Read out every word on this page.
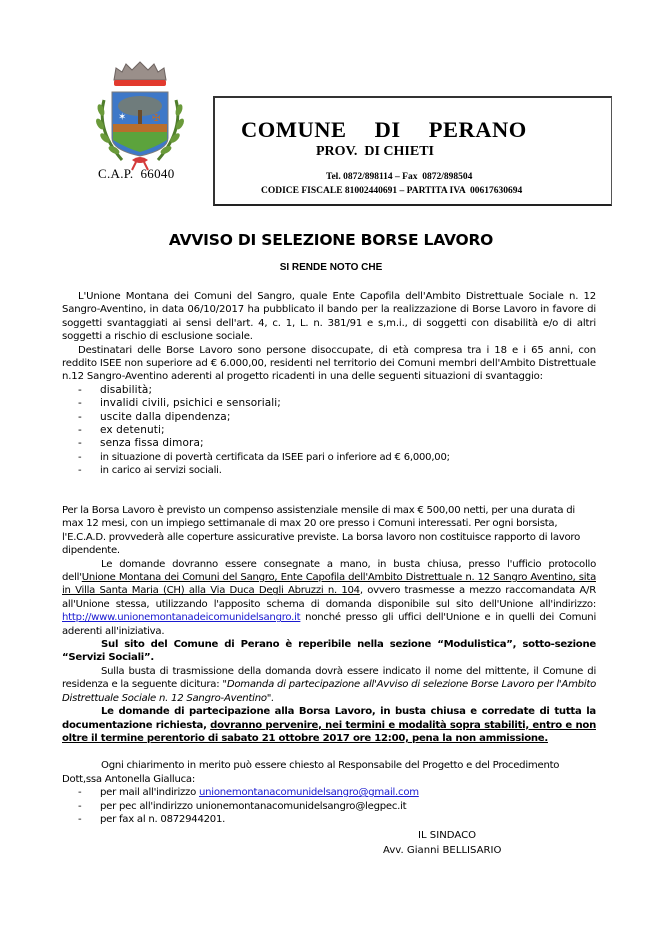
✶	✠
C.A.P.  66040
COMUNE DI PERANO
PROV.  DI CHIETI
Tel. 0872/898114 – Fax  0872/898504
CODICE FISCALE 81002440691 – PARTITA IVA  00617630694
AVVISO DI SELEZIONE BORSE LAVORO
SI RENDE NOTO CHE

L'Unione Montana dei Comuni del Sangro, quale Ente Capofila dell'Ambito Distrettuale Sociale n. 12 Sangro-Aventino, in data 06/10/2017 ha pubblicato il bando per la realizzazione di Borse Lavoro in favore di soggetti svantaggiati ai sensi dell'art. 4, c. 1, L. n. 381/91 e s,m.i., di soggetti con disabilità e/o di altri soggetti a rischio di esclusione sociale.

Destinatari delle Borse Lavoro sono persone disoccupate, di età compresa tra i 18 e i 65 anni, con reddito ISEE non superiore ad € 6.000,00, residenti nel territorio dei Comuni membri dell'Ambito Distrettuale n.12 Sangro-Aventino aderenti al progetto ricadenti in una delle seguenti situazioni di svantaggio:

- disabilità;
- invalidi civili, psichici e sensoriali;
- uscite dalla dipendenza;
- ex detenuti;
- senza fissa dimora;
- in situazione di povertà certificata da ISEE pari o inferiore ad € 6,000,00;
- in carico ai servizi sociali.

Per la Borsa Lavoro è previsto un compenso assistenziale mensile di max € 500,00 netti, per una durata di max 12 mesi, con un impiego settimanale di max 20 ore presso i Comuni interessati. Per ogni borsista, l'E.C.A.D. provvederà alle coperture assicurative previste. La borsa lavoro non costituisce rapporto di lavoro dipendente.

Le domande dovranno essere consegnate a mano, in busta chiusa, presso l'ufficio protocollo dell'Unione Montana dei Comuni del Sangro, Ente Capofila dell'Ambito Distrettuale n. 12 Sangro Aventino, sita in Villa Santa Maria (CH) alla Via Duca Degli Abruzzi n. 104, ovvero trasmesse a mezzo raccomandata A/R all'Unione stessa, utilizzando l'apposito schema di domanda disponibile sul sito dell'Unione all'indirizzo: http://www.unionemontanadeicomunidelsangro.it nonché presso gli uffici dell'Unione e in quelli dei Comuni aderenti all'iniziativa.

Sul sito del Comune di Perano è reperibile nella sezione “Modulistica”, sotto-sezione “Servizi Sociali”.

Sulla busta di trasmissione della domanda dovrà essere indicato il nome del mittente, il Comune di residenza e la seguente dicitura: "Domanda di partecipazione all'Avviso di selezione Borse Lavoro per l'Ambito Distrettuale Sociale n. 12 Sangro-Aventino".

Le domande di partecipazione alla Borsa Lavoro, in busta chiusa e corredate di tutta la documentazione richiesta, dovranno pervenire, nei termini e modalità sopra stabiliti, entro e non oltre il termine perentorio di sabato 21 ottobre 2017 ore 12:00, pena la non ammissione.

Ogni chiarimento in merito può essere chiesto al Responsabile del Progetto e del Procedimento Dott,ssa Antonella Gialluca:

- per mail all'indirizzo unionemontanacomunidelsangro@gmail.com
- per pec all'indirizzo unionemontanacomunidelsangro@legpec.it
- per fax al n. 0872944201.
IL SINDACO
Avv. Gianni BELLISARIO
